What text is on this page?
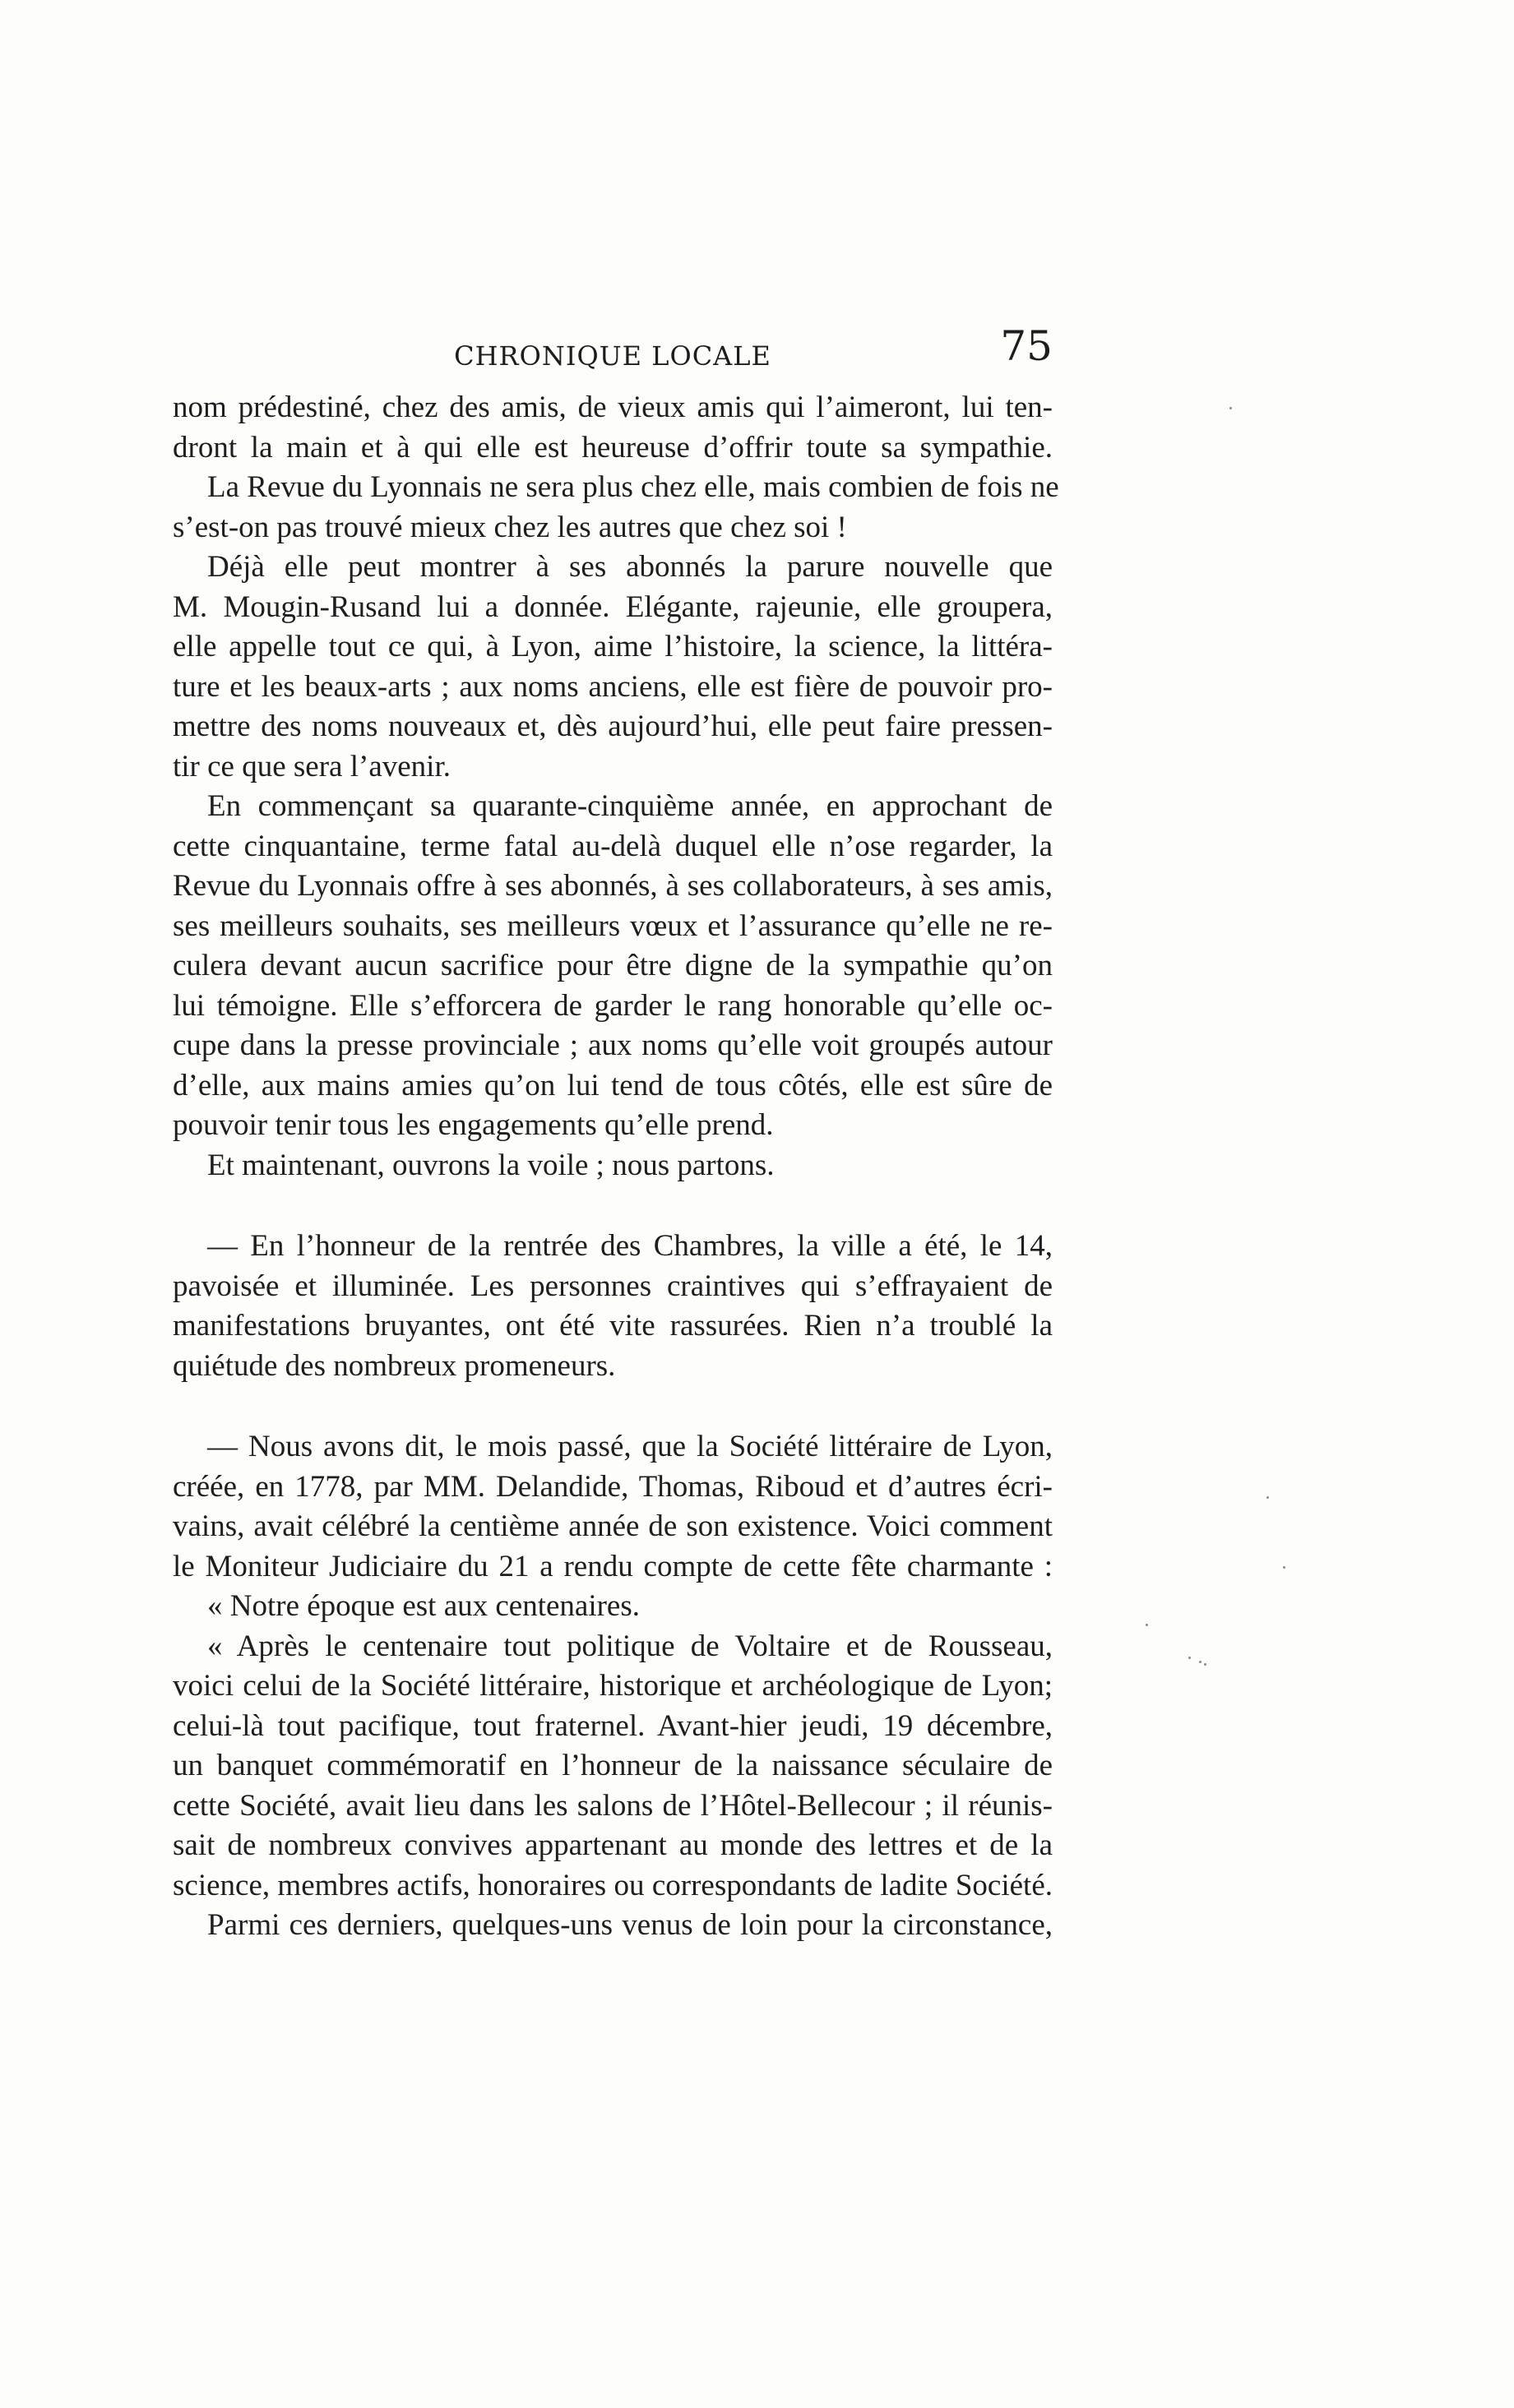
CHRONIQUE LOCALE	75
nom prédestiné, chez des amis, de vieux amis qui l’aimeront, lui ten-
dront la main et à qui elle est heureuse d’offrir toute sa sympathie.
La Revue du Lyonnais ne sera plus chez elle, mais combien de fois ne
s’est-on pas trouvé mieux chez les autres que chez soi !
Déjà elle peut montrer à ses abonnés la parure nouvelle que
M. Mougin-Rusand lui a donnée. Elégante, rajeunie, elle groupera,
elle appelle tout ce qui, à Lyon, aime l’histoire, la science, la littéra-
ture et les beaux-arts ; aux noms anciens, elle est fière de pouvoir pro-
mettre des noms nouveaux et, dès aujourd’hui, elle peut faire pressen-
tir ce que sera l’avenir.
En commençant sa quarante-cinquième année, en approchant de
cette cinquantaine, terme fatal au-delà duquel elle n’ose regarder, la
Revue du Lyonnais offre à ses abonnés, à ses collaborateurs, à ses amis,
ses meilleurs souhaits, ses meilleurs vœux et l’assurance qu’elle ne re-
culera devant aucun sacrifice pour être digne de la sympathie qu’on
lui témoigne. Elle s’efforcera de garder le rang honorable qu’elle oc-
cupe dans la presse provinciale ; aux noms qu’elle voit groupés autour
d’elle, aux mains amies qu’on lui tend de tous côtés, elle est sûre de
pouvoir tenir tous les engagements qu’elle prend.
Et maintenant, ouvrons la voile ; nous partons.
— En l’honneur de la rentrée des Chambres, la ville a été, le 14,
pavoisée et illuminée. Les personnes craintives qui s’effrayaient de
manifestations bruyantes, ont été vite rassurées. Rien n’a troublé la
quiétude des nombreux promeneurs.
— Nous avons dit, le mois passé, que la Société littéraire de Lyon,
créée, en 1778, par MM. Delandide, Thomas, Riboud et d’autres écri-
vains, avait célébré la centième année de son existence. Voici comment
le Moniteur Judiciaire du 21 a rendu compte de cette fête charmante :
« Notre époque est aux centenaires.
« Après le centenaire tout politique de Voltaire et de Rousseau,
voici celui de la Société littéraire, historique et archéologique de Lyon;
celui-là tout pacifique, tout fraternel. Avant-hier jeudi, 19 décembre,
un banquet commémoratif en l’honneur de la naissance séculaire de
cette Société, avait lieu dans les salons de l’Hôtel-Bellecour ; il réunis-
sait de nombreux convives appartenant au monde des lettres et de la
science, membres actifs, honoraires ou correspondants de ladite Société.
Parmi ces derniers, quelques-uns venus de loin pour la circonstance,
